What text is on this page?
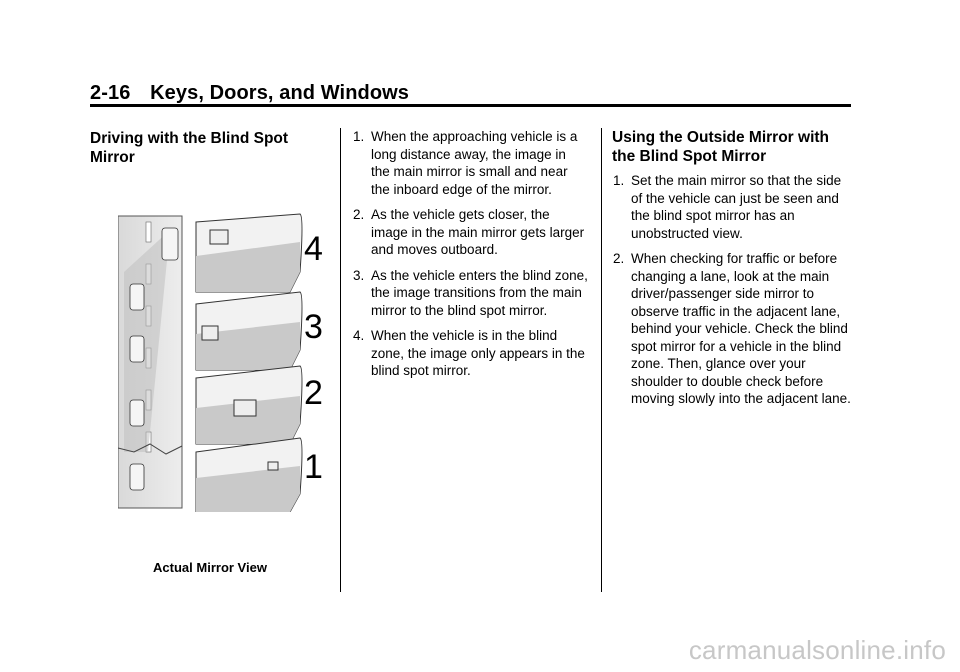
2-16 Keys, Doors, and Windows
Driving with the Blind Spot
Mirror
4
3
2
1
Actual Mirror View
1. When the approaching vehicle is a long distance away, the image in the main mirror is small and near the inboard edge of the mirror.
2. As the vehicle gets closer, the image in the main mirror gets larger and moves outboard.
3. As the vehicle enters the blind zone, the image transitions from the main mirror to the blind spot mirror.
4. When the vehicle is in the blind zone, the image only appears in the blind spot mirror.
Using the Outside Mirror with
the Blind Spot Mirror
1. Set the main mirror so that the side of the vehicle can just be seen and the blind spot mirror has an unobstructed view.
2. When checking for traffic or before changing a lane, look at the main driver/passenger side mirror to observe traffic in the adjacent lane, behind your vehicle. Check the blind spot mirror for a vehicle in the blind zone. Then, glance over your shoulder to double check before moving slowly into the adjacent lane.
carmanualsonline.info
